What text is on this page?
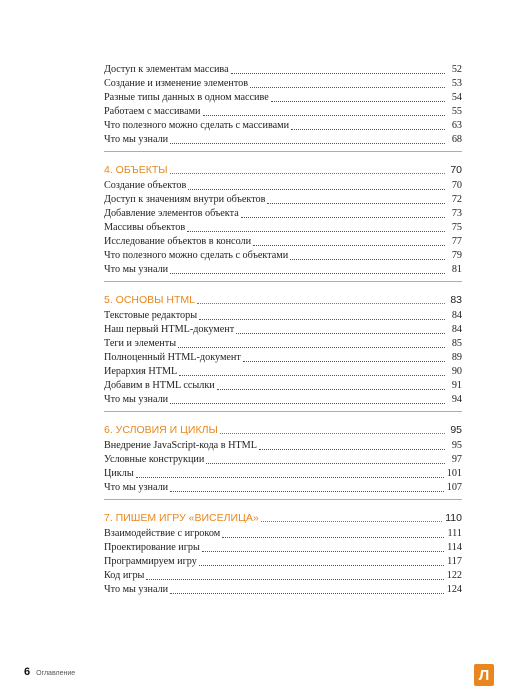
Доступ к элементам массива	52
Создание и изменение элементов	53
Разные типы данных в одном массиве	54
Работаем с массивами	55
Что полезного можно сделать с массивами	63
Что мы узнали	68
4. ОБЪЕКТЫ	70
Создание объектов	70
Доступ к значениям внутри объектов	72
Добавление элементов объекта	73
Массивы объектов	75
Исследование объектов в консоли	77
Что полезного можно сделать с объектами	79
Что мы узнали	81
5. ОСНОВЫ HTML	83
Текстовые редакторы	84
Наш первый HTML-документ	84
Теги и элементы	85
Полноценный HTML-документ	89
Иерархия HTML	90
Добавим в HTML ссылки	91
Что мы узнали	94
6. УСЛОВИЯ И ЦИКЛЫ	95
Внедрение JavaScript-кода в HTML	95
Условные конструкции	97
Циклы	101
Что мы узнали	107
7. ПИШЕМ ИГРУ «ВИСЕЛИЦА»	110
Взаимодействие с игроком	111
Проектирование игры	114
Программируем игру	117
Код игры	122
Что мы узнали	124
6 Оглавление	Л
